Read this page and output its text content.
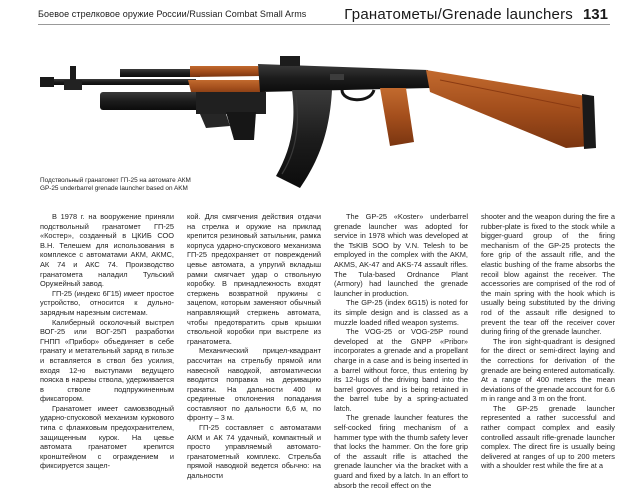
Боевое стрелковое оружие России/Russian Combat Small Arms	Гранатометы/Grenade launchers 131
Подствольный гранатомет ГП-25 на автомате АКМ
GP-25 underbarrel grenade launcher based on AKM

В 1978 г. на вооружение приняли подствольный гранатомет ГП-25 «Костер», созданный в ЦКИБ СОО В.Н. Телешем для использования в комплексе с автоматами АКМ, АКМС, АК 74 и АКС 74. Производство гранатомета наладил Тульский Оружейный завод.

ГП-25 (индекс 6Г15) имеет простое устройство, относится к дульно-зарядным нарезным системам.

Калиберный осколочный выстрел ВОГ-25 или ВОГ-25П разработки ГНПП «Прибор» объединяет в себе гранату и метательный заряд в гильзе и вставляется в ствол без усилия, входя 12-ю выступами ведущего пояска в нарезы ствола, удерживается в стволе подпружиненным фиксатором.

Гранатомет имеет самовзводный ударно-спусковой механизм куркового типа с флажковым предохранителем, защищенным курок. На цевье автомата гранатомет крепится кронштейном с ограждением и фиксируется защел-

кой. Для смягчения действия отдачи на стрелка и оружие на приклад крепится резиновый затыльник, рамка корпуса ударно-спускового механизма ГП-25 предохраняет от повреждений цевье автомата, а упругий вкладыш рамки смягчает удар о ствольную коробку. В принадлежность входят стержень возвратной пружины с зацепом, которым заменяют обычный направляющий стержень автомата, чтобы предотвратить срыв крышки ствольной коробки при выстреле из гранатомета.

Механический прицел-квадрант рассчитан на стрельбу прямой или навесной наводкой, автоматически вводится поправка на деривацию гранаты. На дальности 400 м срединные отклонения попадания составляют по дальности 6,6 м, по фронту – 3 м.

ГП-25 составляет с автоматами АКМ и АК 74 удачный, компактный и просто управляемый автомато-гранатометный комплекс. Стрельба прямой наводкой ведется обычно: на дальности

The GP-25 «Koster» underbarrel grenade launcher was adopted for service in 1978 which was developed at the TsKIB SOO by V.N. Telesh to be employed in the complex with the AKM, AKMS, AK-47 and AKS-74 assault rifles. The Tula-based Ordnance Plant (Armory) had launched the grenade launcher in production.

The GP-25 (index 6G15) is noted for its simple design and is classed as a muzzle loaded rifled weapon systems.

The VOG-25 or VOG-25P round developed at the GNPP «Pribor» incorporates a grenade and a propellant charge in a case and is being inserted in a barrel without force, thus entering by its 12-lugs of the driving band into the barrel grooves and is being retained in the barrel tube by a spring-actuated latch.

The grenade launcher features the self-cocked firing mechanism of a hammer type with the thumb safety lever that locks the hammer. On the fore grip of the assault rifle is attached the grenade launcher via the bracket with a guard and fixed by a latch. In an effort to absorb the recoil effect on the

shooter and the weapon during the fire a rubber-plate is fixed to the stock while a bigger-guard group of the firing mechanism of the GP-25 protects the fore grip of the assault rifle, and the elastic bushing of the frame absorbs the recoil blow against the receiver. The accessories are comprised of the rod of the main spring with the hook which is usually being substituted by the driving rod of the assault rifle designed to prevent the tear off the receiver cover during firing of the grenade launcher.

The iron sight-quadrant is designed for the direct or semi-direct laying and the corrections for derivation of the grenade are being entered automatically. At a range of 400 meters the mean deviations of the grenade account for 6.6 m in range and 3 m on the front.

The GP-25 grenade launcher represented a rather successful and rather compact complex and easily controlled assault rifle-grenade launcher complex. The direct fire is usually being delivered at ranges of up to 200 meters with a shoulder rest while the fire at a
